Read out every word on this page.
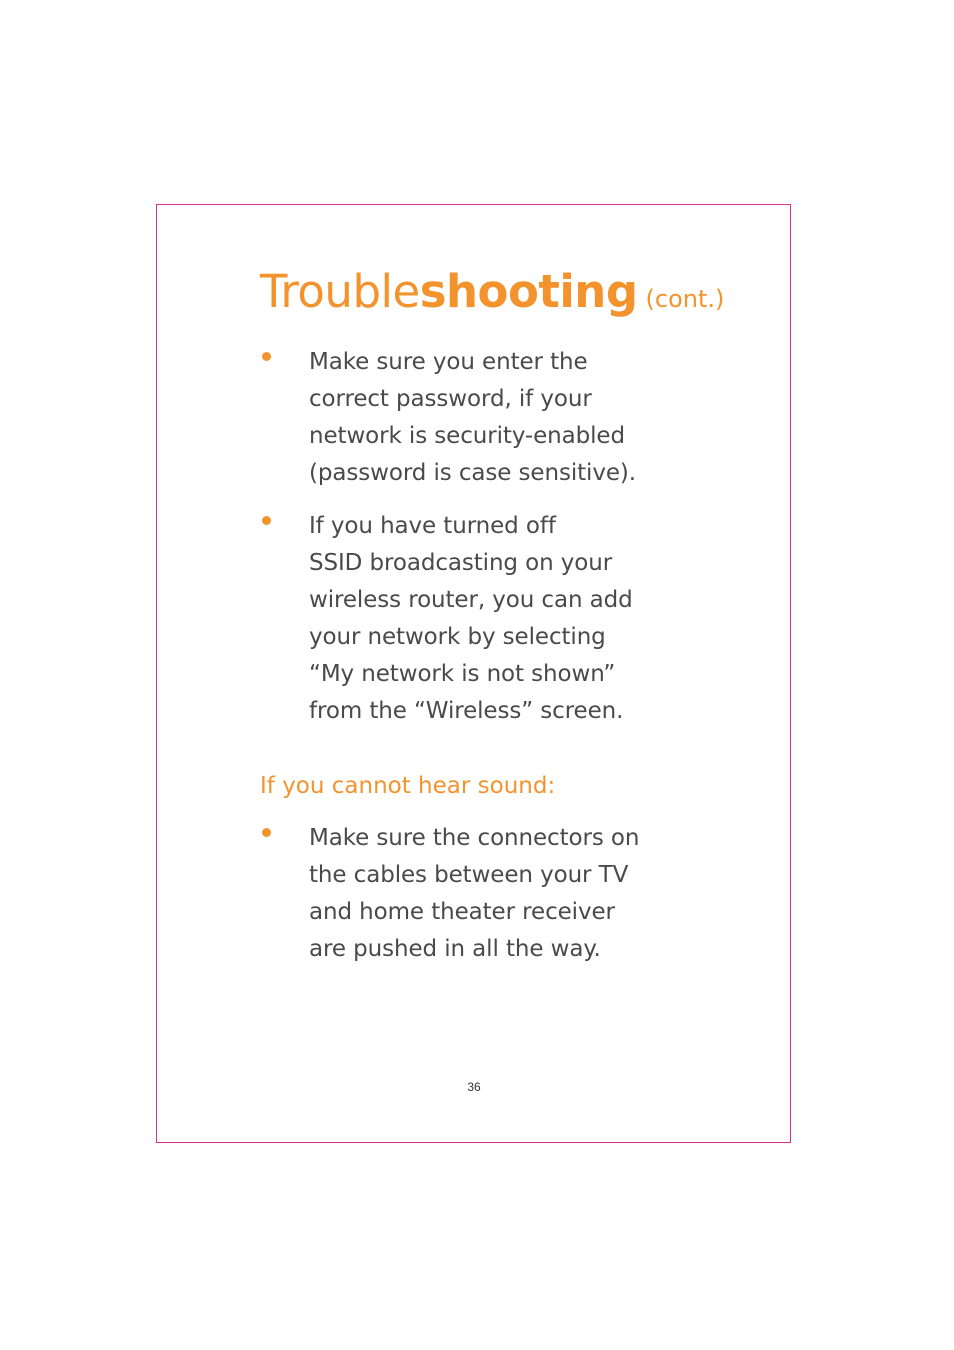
Troubleshooting (cont.)
Make sure you enter the
correct password, if your
network is security-enabled
(password is case sensitive).
If you have turned off
SSID broadcasting on your
wireless router, you can add
your network by selecting
“My network is not shown”
from the “Wireless” screen.
If you cannot hear sound:
Make sure the connectors on
the cables between your TV
and home theater receiver
are pushed in all the way.
36
